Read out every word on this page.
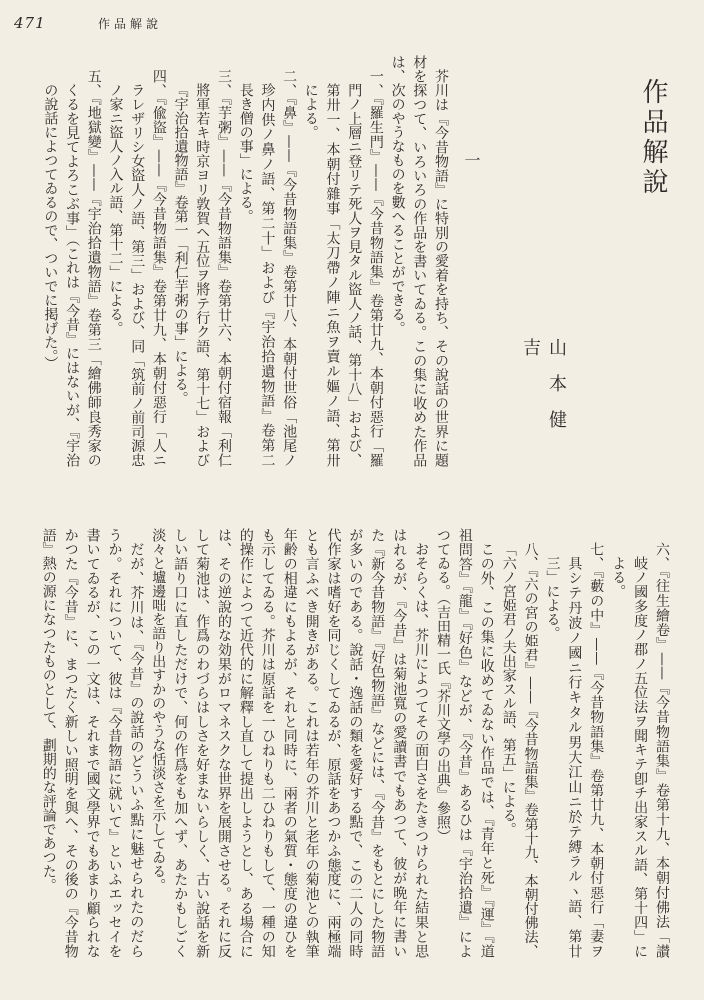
471	作品解說
作品解說
山本健吉
一
芥川は『今昔物語』に特別の愛着を持ち、その說話の世界に題
材を探つて、いろいろの作品を書いてゐる。この集に收めた作品
は、次のやうなものを數へることができる。
一、『羅生門』——『今昔物語集』卷第廿九、本朝付惡行「羅
門ノ上層ニ登リテ死人ヲ見タル盜人ノ話、第十八」および、
第卅一、本朝付雜事「太刀帶ノ陣ニ魚ヲ賣ル嫗ノ語、第卅
による。
二、『鼻』——『今昔物語集』卷第廿八、本朝付世俗「池尾ノ
珍内供ノ鼻ノ語、第二十」および『宇治拾遺物語』卷第二
長き僧の事」による。
三、『芋粥』——『今昔物語集』卷第廿六、本朝付宿報「利仁
將軍若キ時京ヨリ敦賀ヘ五位ヲ將テ行ク語、第十七」および
『宇治拾遺物語』卷第一「利仁芋粥の事」による。
四、『偸盜』——『今昔物語集』卷第廿九、本朝付惡行「人ニ
ラレザリシ女盜人ノ語、第三」および、同「筑前ノ前司源忠
ノ家ニ盜人ノ入ル語、第十二」による。
五、『地獄變』——『宇治拾遺物語』卷第三「繪佛師良秀家の
くるを見てよろこぶ事」（これは『今昔』にはないが、『宇治
の說話によつてゐるので、ついでに掲げた。）
六、『往生繪卷』——『今昔物語集』卷第十九、本朝付佛法「讃
岐ノ國多度ノ郡ノ五位法ヲ聞キテ卽チ出家スル語、第十四」に
よる。
七、『藪の中』——『今昔物語集』卷第廿九、本朝付惡行「妻ヲ
具シテ丹波ノ國ニ行キタル男大江山ニ於テ縛ラルヽ語、第廿
三」による。
八、『六の宮の姫君』——『今昔物語集』卷第十九、本朝付佛法、
「六ノ宮姫君ノ夫出家スル語、第五」による。
この外、この集に收めてゐない作品では、『青年と死』『運』『道
祖問答』『龍』『好色』などが、『今昔』あるひは『宇治拾遺』によ
つてゐる。（吉田精一氏『芥川文學の出典』參照）
おそらくは、芥川によつてその面白さをたきつけられた結果と思
はれるが、『今昔』は菊池寬の愛讀書でもあつて、彼が晩年に書い
た『新今昔物語』『好色物語』などには、『今昔』をもとにした物語
が多いのである。說話・逸話の類を愛好する點で、この二人の同時
代作家は嗜好を同じくしてゐるが、原話をあつかふ態度に、兩極端
とも言ふべき開きがある。これは若年の芥川と老年の菊池との執筆
年齢の相違にもよるが、それと同時に、兩者の氣質・態度の違ひを
も示してゐる。芥川は原話を一ひねりも二ひねりもして、一種の知
的操作によつて近代的に解釋し直して提出しようとし、ある場合に
は、その逆說的な効果がロマネスクな世界を展開させる。それに反
して菊池は、作爲のわづらはしさを好まないらしく、古い說話を新
しい語り口に直しただけで、何の作爲をも加へず、あたかもしごく
淡々と壚邊咄を語り出すかのやうな恬淡さを示してゐる。
だが、芥川は、『今昔』の說話のどういふ點に魅せられたのだら
うか。それについて、彼は『今昔物語に就いて』といふエッセイを
書いてゐるが、この一文は、それまで國文學界でもあまり顧られな
かつた『今昔』に、まつたく新しい照明を與へ、その後の『今昔物
語』熱の源になつたものとして、劃期的な評論であつた。
